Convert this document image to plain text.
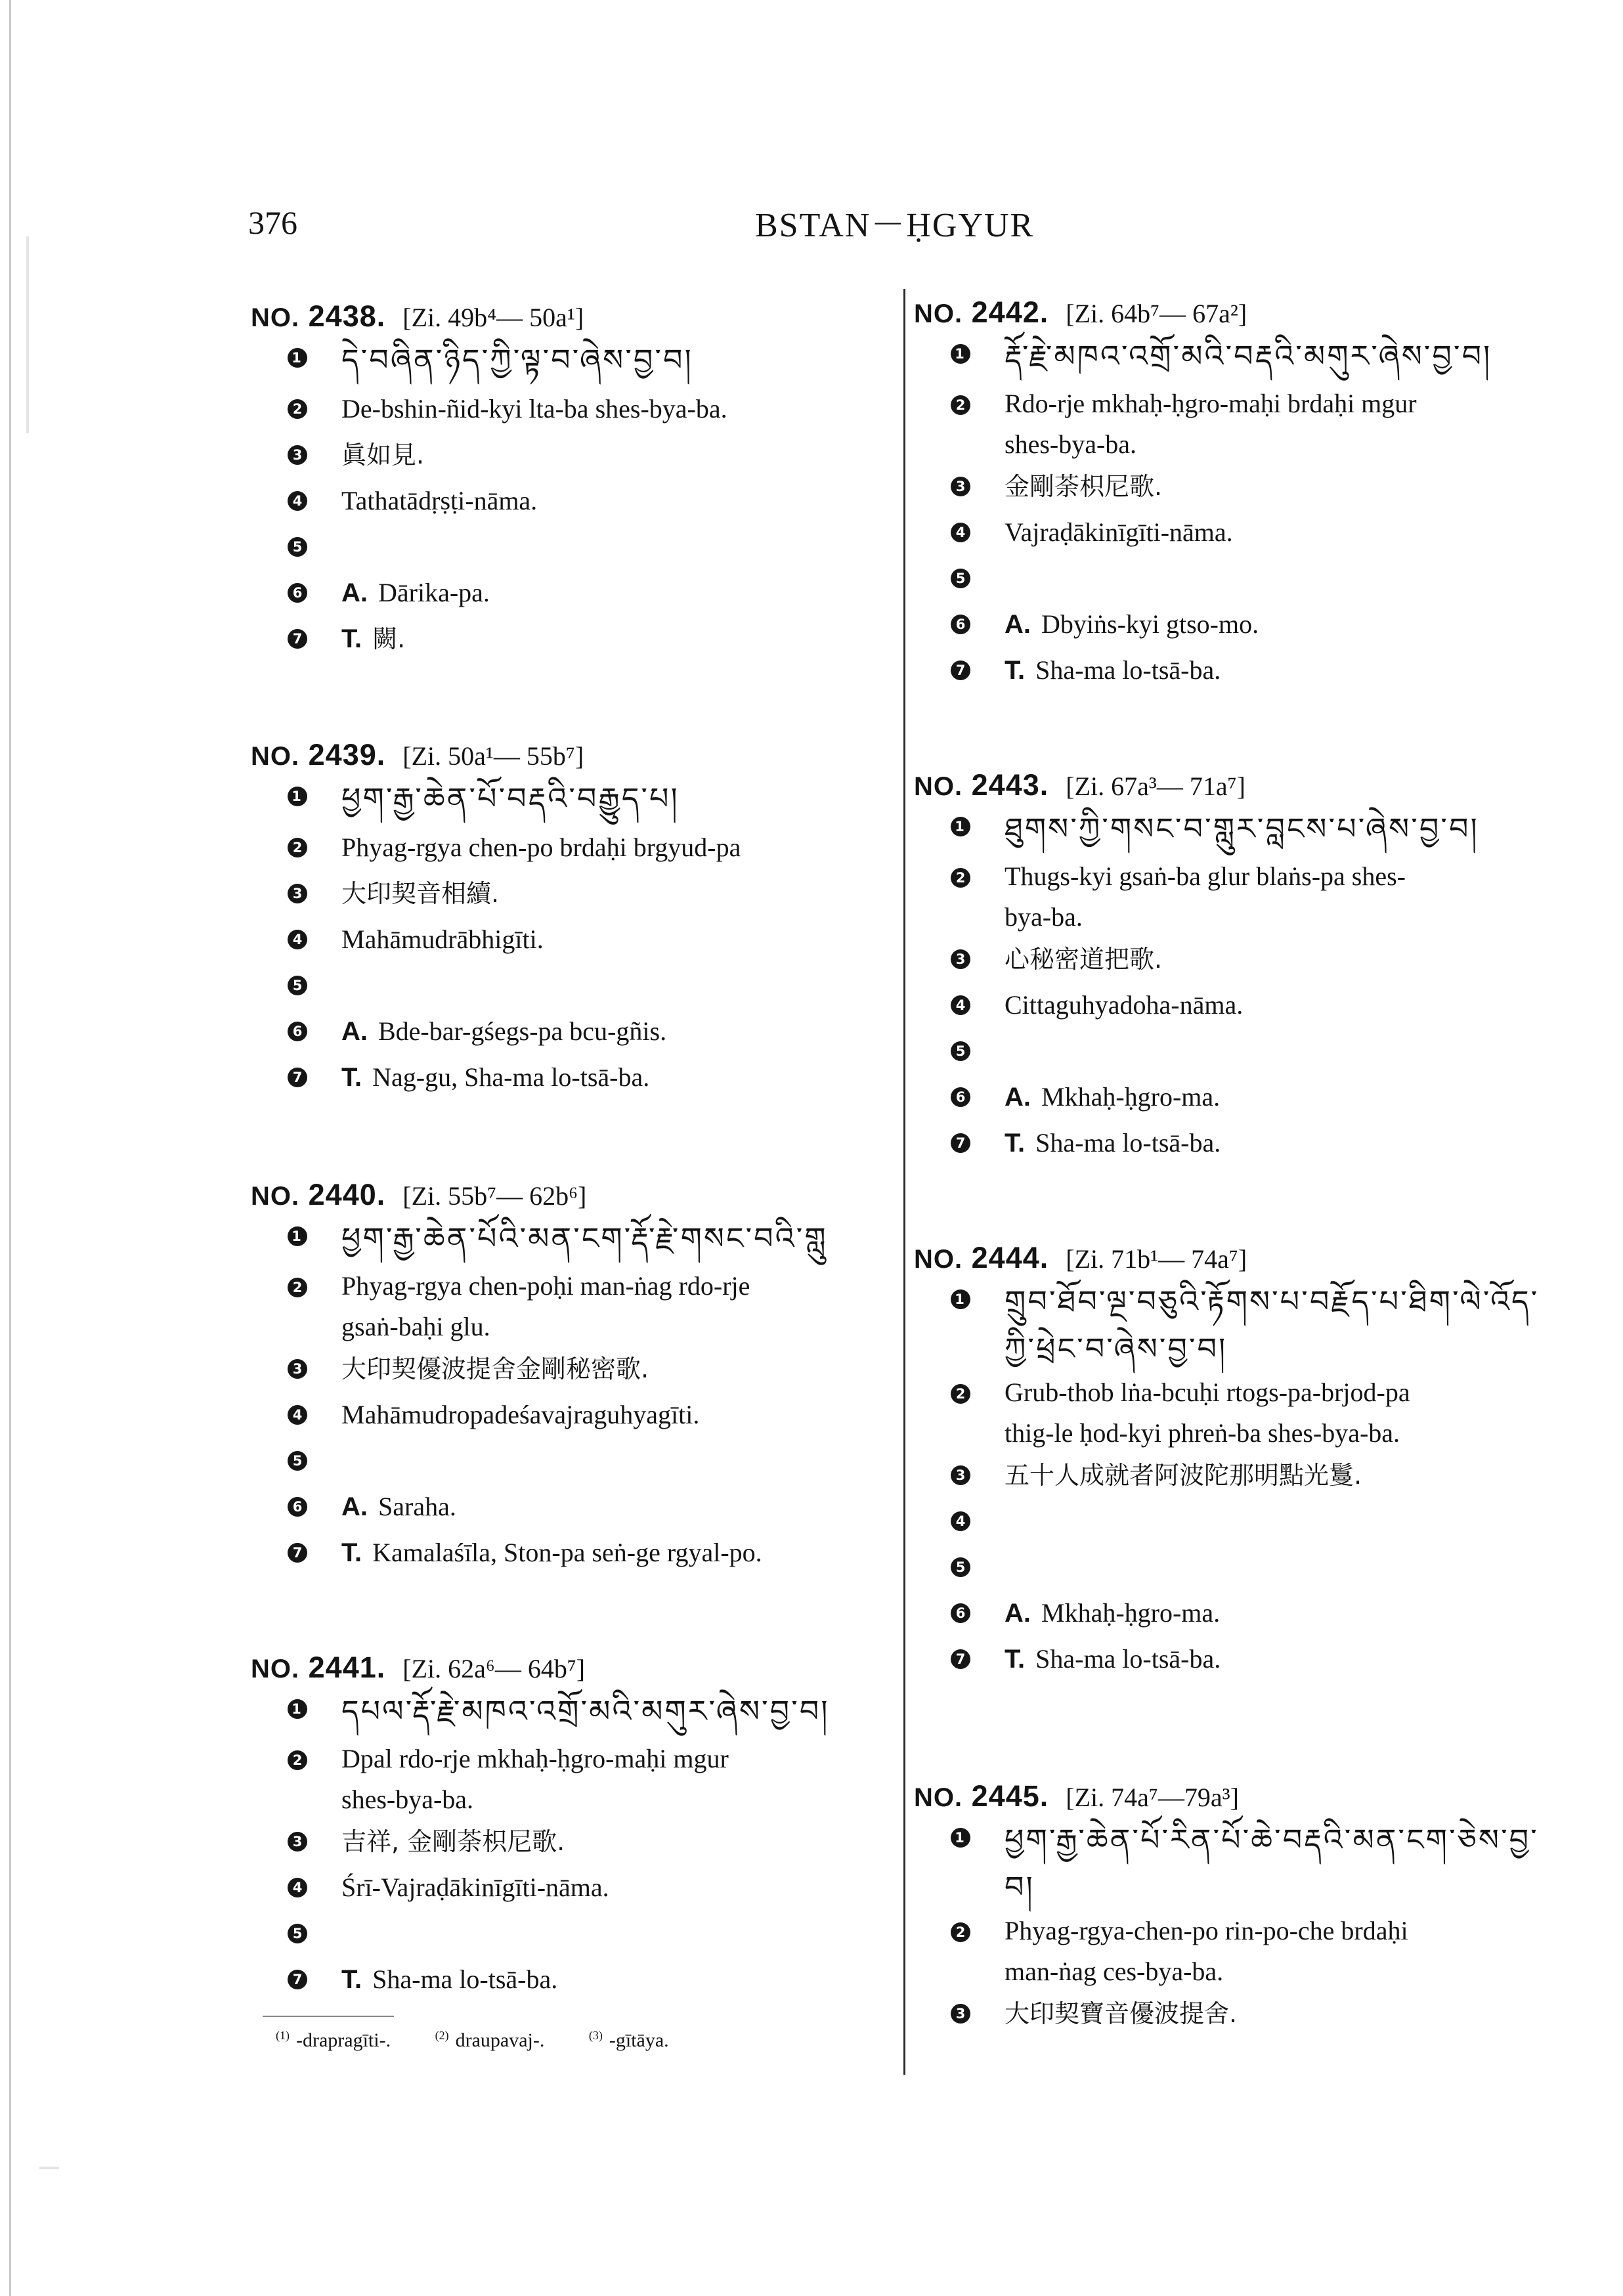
376	BSTAN－ḤGYUR
NO. 2438. [Zi. 49b⁴— 50a¹]
1 དེ་བཞིན་ཉིད་ཀྱི་ལྟ་བ་ཞེས་བྱ་བ།
2 De-bshin-ñid-kyi lta-ba shes-bya-ba.
3 眞如見.
4 Tathatādṛṣṭi-nāma.
5
6 A. Dārika-pa.
7 T. 闕.
NO. 2439. [Zi. 50a¹— 55b⁷]
1 ཕྱག་རྒྱ་ཆེན་པོ་བརྡའི་བརྒྱུད་པ།
2 Phyag-rgya chen-po brdaḥi brgyud-pa
3 大印契音相續.
4 Mahāmudrābhigīti.
5
6 A. Bde-bar-gśegs-pa bcu-gñis.
7 T. Nag-gu, Sha-ma lo-tsā-ba.
NO. 2440. [Zi. 55b⁷— 62b⁶]
1 ཕྱག་རྒྱ་ཆེན་པོའི་མན་ངག་རྡོ་རྗེ་གསང་བའི་གླུ
2 Phyag-rgya chen-poḥi man-ṅag rdo-rje
gsaṅ-baḥi glu.
3 大印契優波提舍金剛秘密歌.
4 Mahāmudropadeśavajraguhyagīti.
5
6 A. Saraha.
7 T. Kamalaśīla, Ston-pa seṅ-ge rgyal-po.
NO. 2441. [Zi. 62a⁶— 64b⁷]
1 དཔལ་རྡོ་རྗེ་མཁའ་འགྲོ་མའི་མགུར་ཞེས་བྱ་བ།
2 Dpal rdo-rje mkhaḥ-ḥgro-maḥi mgur
shes-bya-ba.
3 吉祥, 金剛荼枳尼歌.
4 Śrī-Vajraḍākinīgīti-nāma.
5
7 T. Sha-ma lo-tsā-ba.
NO. 2442. [Zi. 64b⁷— 67a²]
1 རྡོ་རྗེ་མཁའ་འགྲོ་མའི་བརྡའི་མགུར་ཞེས་བྱ་བ།
2 Rdo-rje mkhaḥ-ḥgro-maḥi brdaḥi mgur
shes-bya-ba.
3 金剛荼枳尼歌.
4 Vajraḍākinīgīti-nāma.
5
6 A. Dbyiṅs-kyi gtso-mo.
7 T. Sha-ma lo-tsā-ba.
NO. 2443. [Zi. 67a³— 71a⁷]
1 ཐུགས་ཀྱི་གསང་བ་གླུར་བླངས་པ་ཞེས་བྱ་བ།
2 Thugs-kyi gsaṅ-ba glur blaṅs-pa shes-
bya-ba.
3 心秘密道把歌.
4 Cittaguhyadoha-nāma.
5
6 A. Mkhaḥ-ḥgro-ma.
7 T. Sha-ma lo-tsā-ba.
NO. 2444. [Zi. 71b¹— 74a⁷]
1 གྲུབ་ཐོབ་ལྔ་བཅུའི་རྟོགས་པ་བརྗོད་པ་ཐིག་ལེ་འོད་
ཀྱི་ཕྲེང་བ་ཞེས་བྱ་བ།
2 Grub-thob lṅa-bcuḥi rtogs-pa-brjod-pa
thig-le ḥod-kyi phreṅ-ba shes-bya-ba.
3 五十人成就者阿波陀那明點光鬘.
4
5
6 A. Mkhaḥ-ḥgro-ma.
7 T. Sha-ma lo-tsā-ba.
NO. 2445. [Zi. 74a⁷—79a³]
1 ཕྱག་རྒྱ་ཆེན་པོ་རིན་པོ་ཆེ་བརྡའི་མན་ངག་ཅེས་བྱ་
བ།
2 Phyag-rgya-chen-po rin-po-che brdaḥi
man-ṅag ces-bya-ba.
3 大印契寶音優波提舍.
$^{(1)}$ -drapragīti-.	$^{(2)}$ draupavaj-.	$^{(3)}$ -gītāya.
